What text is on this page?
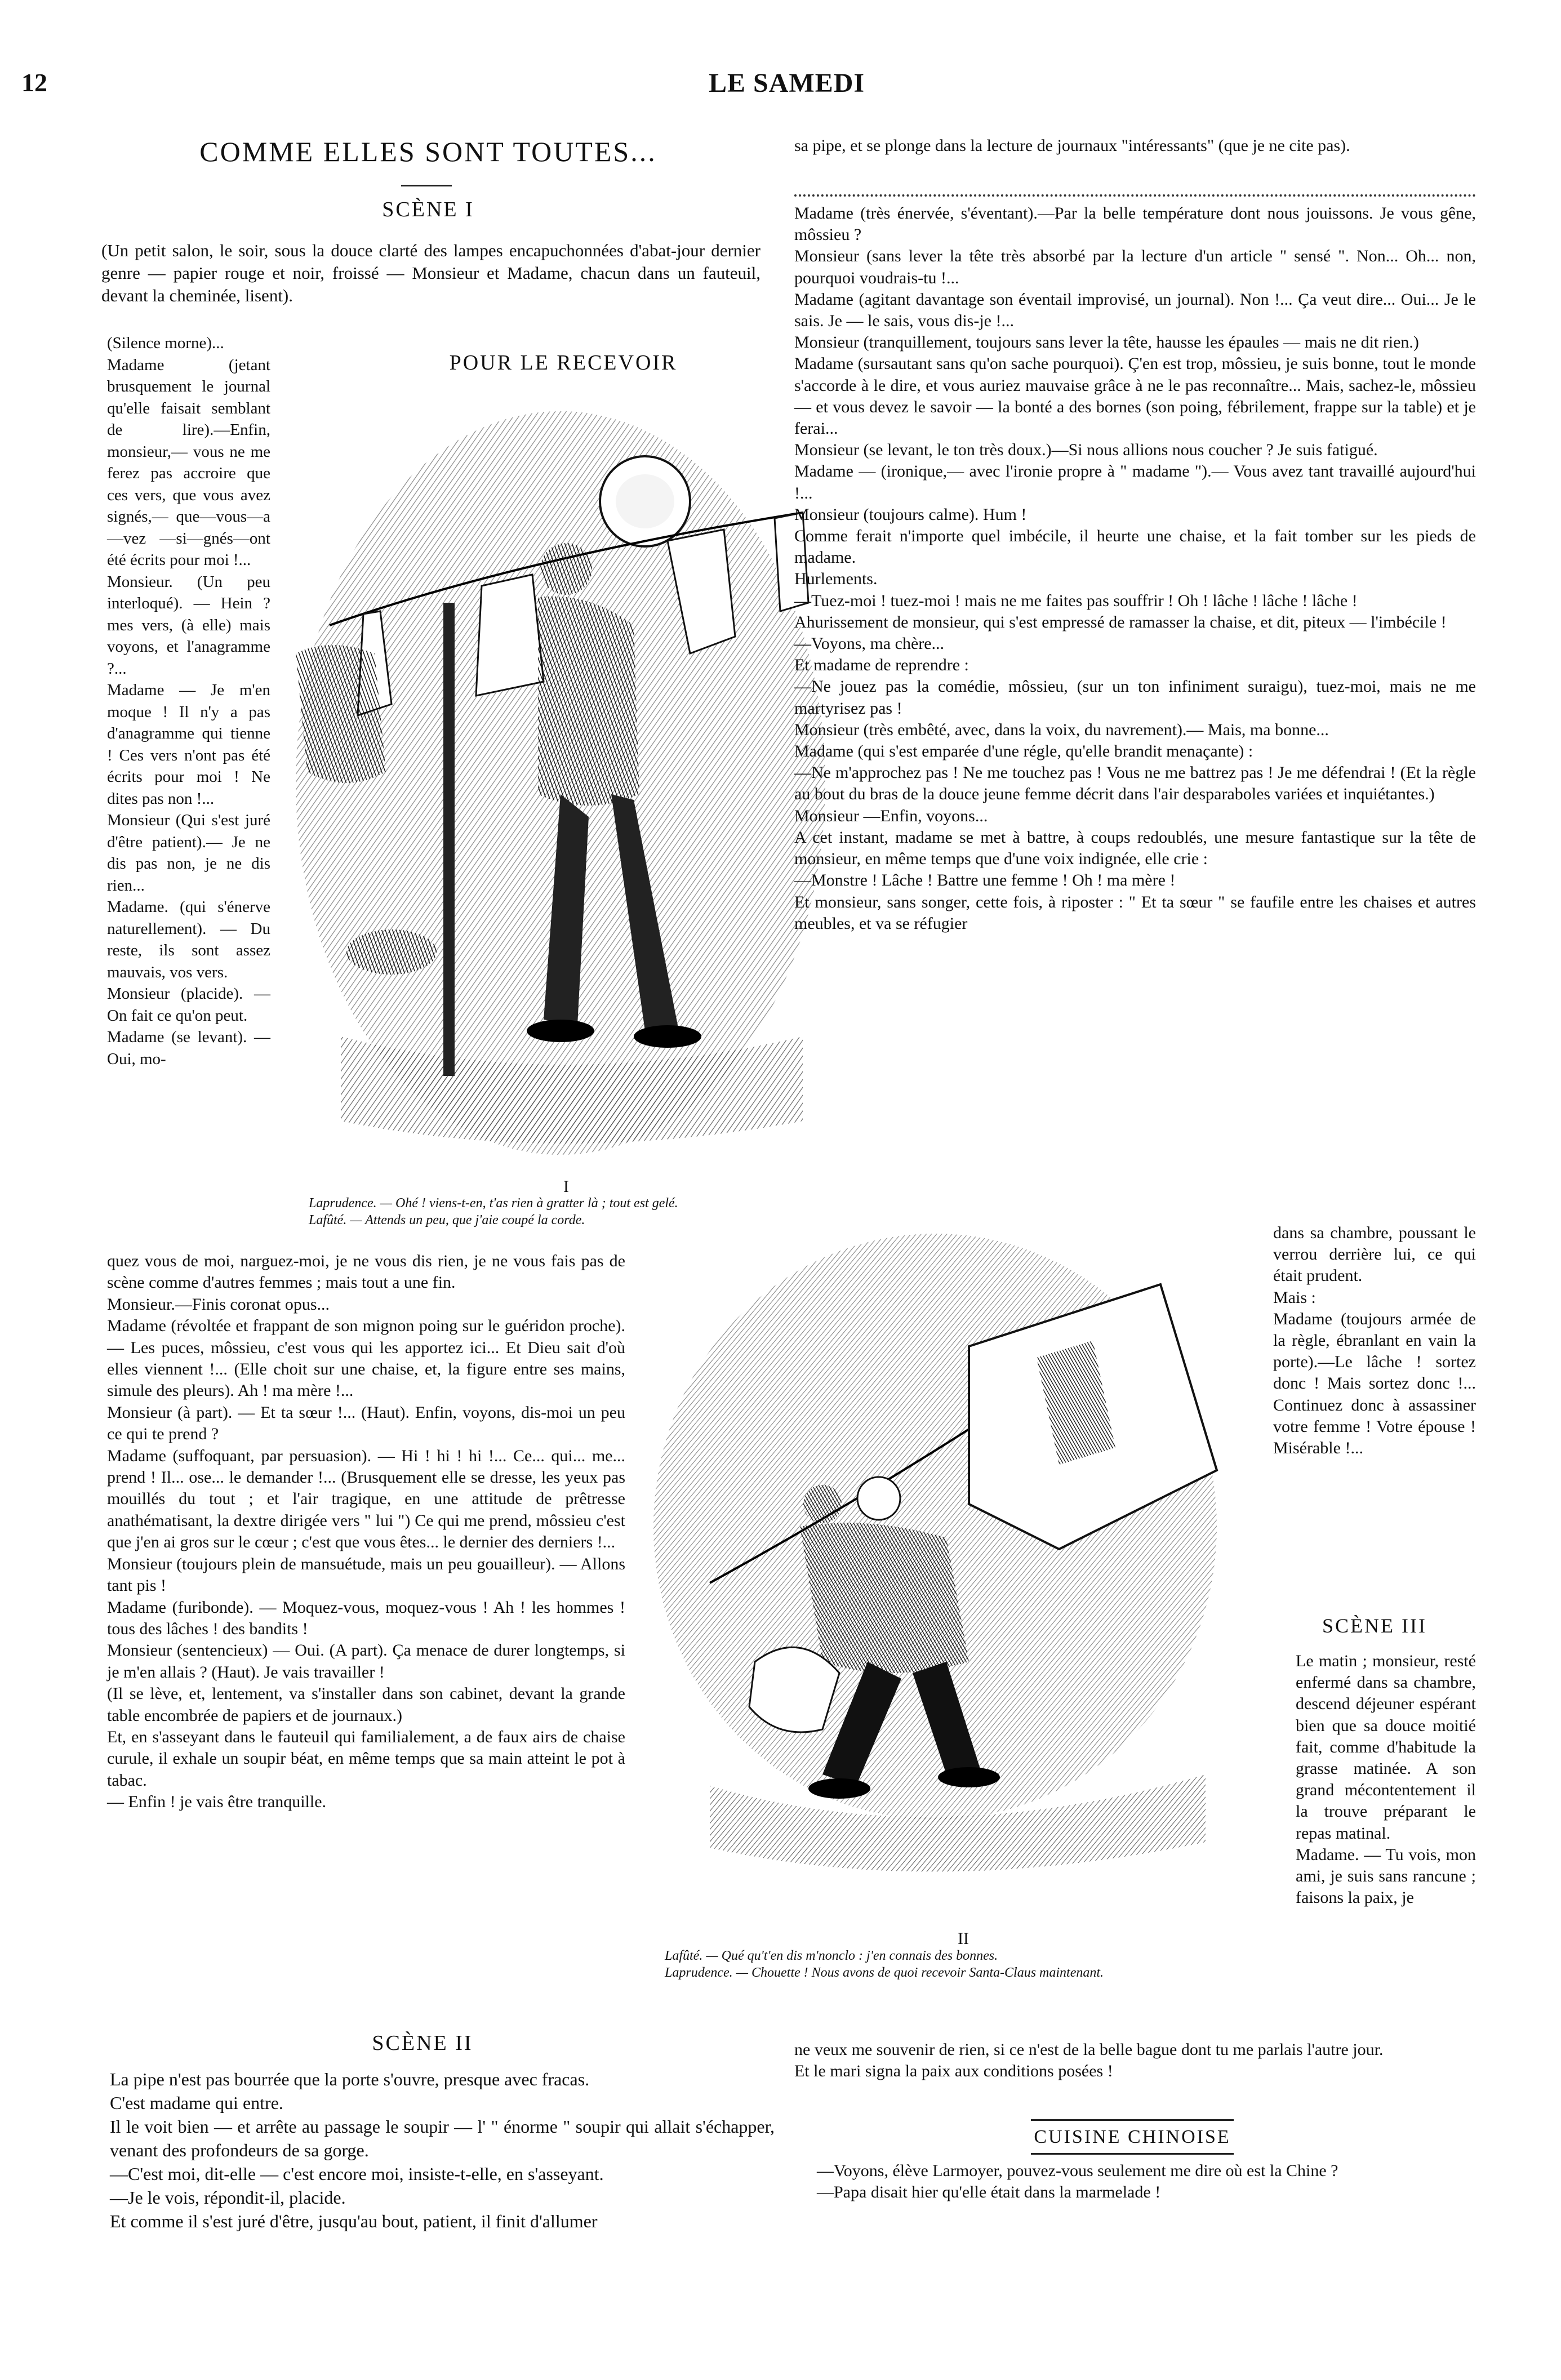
12	LE SAMEDI
COMME ELLES SONT TOUTES...
SCÈNE I

(Un petit salon, le soir, sous la douce clarté des lampes encapuchonnées d'abat-jour dernier genre — papier rouge et noir, froissé — Monsieur et Madame, chacun dans un fauteuil, devant la cheminée, lisent).

(Silence morne)...

Madame (jetant brusquement le journal qu'elle faisait semblant de lire).—Enfin, monsieur,— vous ne me ferez pas accroire que ces vers, que vous avez signés,— que—vous—a—vez —si—gnés—ont été écrits pour moi !...

Monsieur. (Un peu interloqué). — Hein ? mes vers, (à elle) mais voyons, et l'anagramme ?...

Madame — Je m'en moque ! Il n'y a pas d'anagramme qui tienne ! Ces vers n'ont pas été écrits pour moi ! Ne dites pas non !...

Monsieur (Qui s'est juré d'être patient).— Je ne dis pas non, je ne dis rien...

Madame. (qui s'énerve naturellement). — Du reste, ils sont assez mauvais, vos vers.

Monsieur (placide). — On fait ce qu'on peut.

Madame (se levant). — Oui, mo-

POUR LE RECEVOIR
I

Laprudence. — Ohé ! viens-t-en, t'as rien à gratter là ; tout est gelé.

Lafûté. — Attends un peu, que j'aie coupé la corde.

quez vous de moi, narguez-moi, je ne vous dis rien, je ne vous fais pas de scène comme d'autres femmes ; mais tout a une fin.

Monsieur.—Finis coronat opus...

Madame (révoltée et frappant de son mignon poing sur le guéridon proche).— Les puces, môssieu, c'est vous qui les apportez ici... Et Dieu sait d'où elles viennent !... (Elle choit sur une chaise, et, la figure entre ses mains, simule des pleurs). Ah ! ma mère !...

Monsieur (à part). — Et ta sœur !... (Haut). Enfin, voyons, dis-moi un peu ce qui te prend ?

Madame (suffoquant, par persuasion). — Hi ! hi ! hi !... Ce... qui... me... prend ! Il... ose... le demander !... (Brusquement elle se dresse, les yeux pas mouillés du tout ; et l'air tragique, en une attitude de prêtresse anathématisant, la dextre dirigée vers " lui ") Ce qui me prend, môssieu c'est que j'en ai gros sur le cœur ; c'est que vous êtes... le dernier des derniers !...

Monsieur (toujours plein de mansuétude, mais un peu gouailleur). — Allons tant pis !

Madame (furibonde). — Moquez-vous, moquez-vous ! Ah ! les hommes ! tous des lâches ! des bandits !

Monsieur (sentencieux) — Oui. (A part). Ça menace de durer longtemps, si je m'en allais ? (Haut). Je vais travailler !

(Il se lève, et, lentement, va s'installer dans son cabinet, devant la grande table encombrée de papiers et de journaux.)

Et, en s'asseyant dans le fauteuil qui familialement, a de faux airs de chaise curule, il exhale un soupir béat, en même temps que sa main atteint le pot à tabac.

— Enfin ! je vais être tranquille.

SCÈNE II

La pipe n'est pas bourrée que la porte s'ouvre, presque avec fracas.

C'est madame qui entre.

Il le voit bien — et arrête au passage le soupir — l' " énorme " soupir qui allait s'échapper, venant des profondeurs de sa gorge.

—C'est moi, dit-elle — c'est encore moi, insiste-t-elle, en s'asseyant.

—Je le vois, répondit-il, placide.

Et comme il s'est juré d'être, jusqu'au bout, patient, il finit d'allumer

sa pipe, et se plonge dans la lecture de journaux "intéressants" (que je ne cite pas).

Madame (très énervée, s'éventant).—Par la belle température dont nous jouissons. Je vous gêne, môssieu ?

Monsieur (sans lever la tête très absorbé par la lecture d'un article " sensé ". Non... Oh... non, pourquoi voudrais-tu !...

Madame (agitant davantage son éventail improvisé, un journal). Non !... Ça veut dire... Oui... Je le sais. Je — le sais, vous dis-je !...

Monsieur (tranquillement, toujours sans lever la tête, hausse les épaules — mais ne dit rien.)

Madame (sursautant sans qu'on sache pourquoi). Ç'en est trop, môssieu, je suis bonne, tout le monde s'accorde à le dire, et vous auriez mauvaise grâce à ne le pas reconnaître... Mais, sachez-le, môssieu — et vous devez le savoir — la bonté a des bornes (son poing, fébrilement, frappe sur la table) et je ferai...

Monsieur (se levant, le ton très doux.)—Si nous allions nous coucher ? Je suis fatigué.

Madame — (ironique,— avec l'ironie propre à " madame ").— Vous avez tant travaillé aujourd'hui !...

Monsieur (toujours calme). Hum !

Comme ferait n'importe quel imbécile, il heurte une chaise, et la fait tomber sur les pieds de madame.

Hurlements.

—Tuez-moi ! tuez-moi ! mais ne me faites pas souffrir ! Oh ! lâche ! lâche ! lâche !

Ahurissement de monsieur, qui s'est empressé de ramasser la chaise, et dit, piteux — l'imbécile !

—Voyons, ma chère...

Et madame de reprendre :

—Ne jouez pas la comédie, môssieu, (sur un ton infiniment suraigu), tuez-moi, mais ne me martyrisez pas !

Monsieur (très embêté, avec, dans la voix, du navrement).— Mais, ma bonne...

Madame (qui s'est emparée d'une régle, qu'elle brandit menaçante) :

—Ne m'approchez pas ! Ne me touchez pas ! Vous ne me battrez pas ! Je me défendrai ! (Et la règle au bout du bras de la douce jeune femme décrit dans l'air desparaboles variées et inquiétantes.)

Monsieur —Enfin, voyons...

A cet instant, madame se met à battre, à coups redoublés, une mesure fantastique sur la tête de monsieur, en même temps que d'une voix indignée, elle crie :

—Monstre ! Lâche ! Battre une femme ! Oh ! ma mère !

Et monsieur, sans songer, cette fois, à riposter : " Et ta sœur " se faufile entre les chaises et autres meubles, et va se réfugier

II

Lafûté. — Qué qu't'en dis m'nonclo : j'en connais des bonnes.

Laprudence. — Chouette ! Nous avons de quoi recevoir Santa-Claus maintenant.

dans sa chambre, poussant le verrou derrière lui, ce qui était prudent.

Mais :

Madame (toujours armée de la règle, ébranlant en vain la porte).—Le lâche ! sortez donc ! Mais sortez donc !... Continuez donc à assassiner votre femme ! Votre épouse ! Misérable !...

SCÈNE III

Le matin ; monsieur, resté enfermé dans sa chambre, descend déjeuner espérant bien que sa douce moitié fait, comme d'habitude la grasse matinée. A son grand mécontentement il la trouve préparant le repas matinal.

Madame. — Tu vois, mon ami, je suis sans rancune ; faisons la paix, je

ne veux me souvenir de rien, si ce n'est de la belle bague dont tu me parlais l'autre jour.

Et le mari signa la paix aux conditions posées !

CUISINE CHINOISE

—Voyons, élève Larmoyer, pouvez-vous seulement me dire où est la Chine ?

—Papa disait hier qu'elle était dans la marmelade !
